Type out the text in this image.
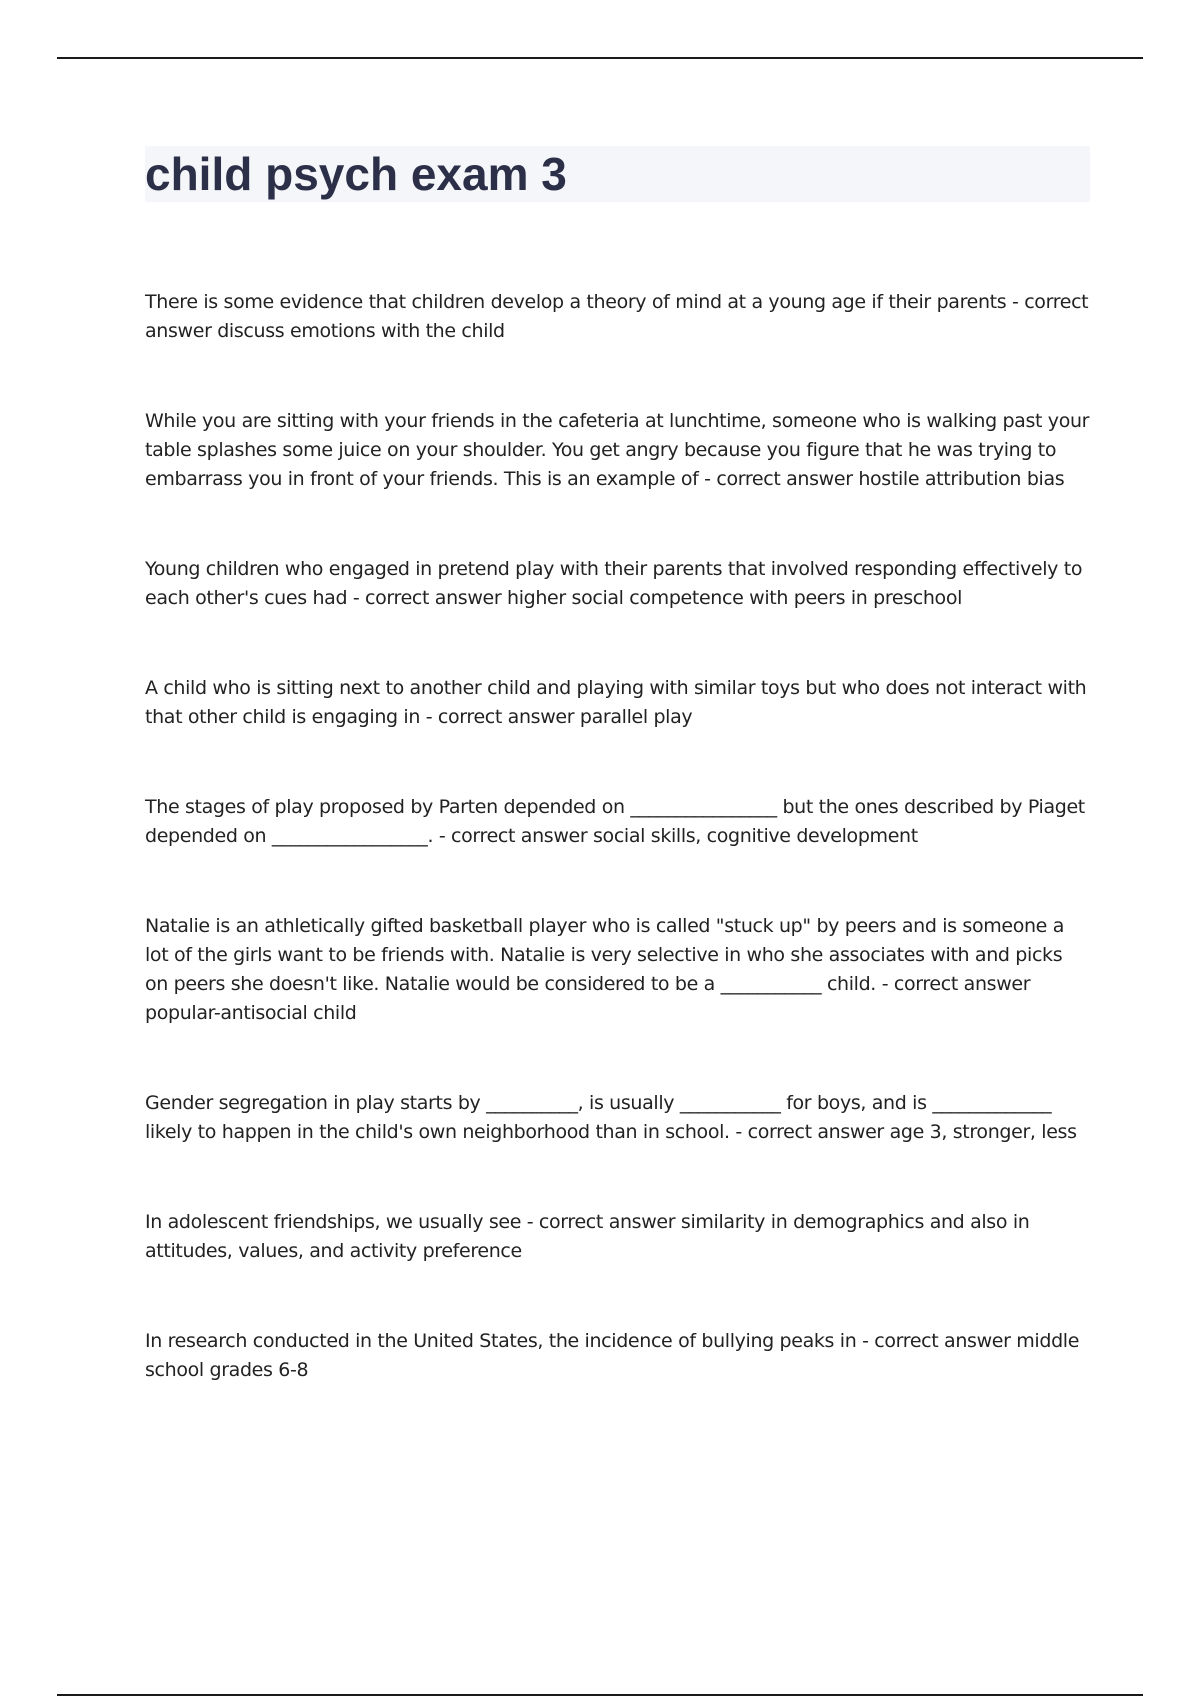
child psych exam 3

There is some evidence that children develop a theory of mind at a young age if their parents - correct answer discuss emotions with the child

While you are sitting with your friends in the cafeteria at lunchtime, someone who is walking past your table splashes some juice on your shoulder. You get angry because you figure that he was trying to embarrass you in front of your friends. This is an example of - correct answer hostile attribution bias

Young children who engaged in pretend play with their parents that involved responding effectively to each other's cues had - correct answer higher social competence with peers in preschool

A child who is sitting next to another child and playing with similar toys but who does not interact with that other child is engaging in - correct answer parallel play

The stages of play proposed by Parten depended on ________________ but the ones described by Piaget depended on _________________. - correct answer social skills, cognitive development

Natalie is an athletically gifted basketball player who is called "stuck up" by peers and is someone a lot of the girls want to be friends with. Natalie is very selective in who she associates with and picks on peers she doesn't like. Natalie would be considered to be a ___________ child. - correct answer popular-antisocial child

Gender segregation in play starts by __________, is usually ___________ for boys, and is _____________ likely to happen in the child's own neighborhood than in school. - correct answer age 3, stronger, less

In adolescent friendships, we usually see - correct answer similarity in demographics and also in attitudes, values, and activity preference

In research conducted in the United States, the incidence of bullying peaks in - correct answer middle school grades 6-8
